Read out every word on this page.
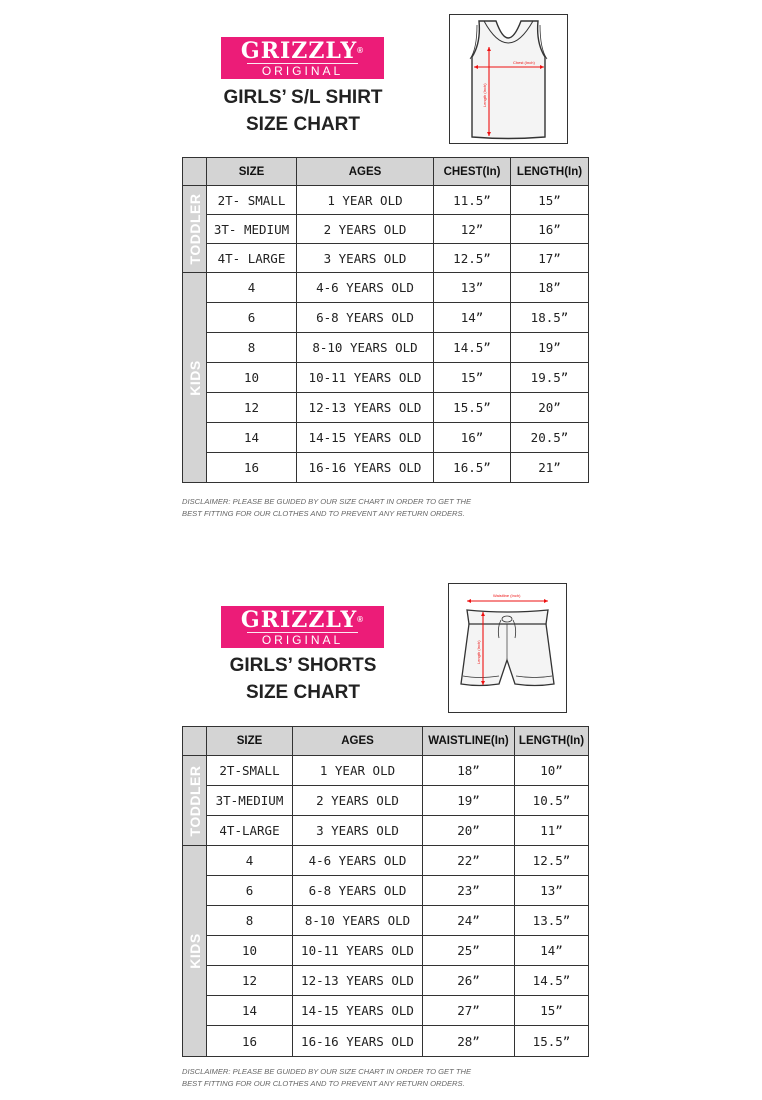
GRIZZLY®
ORIGINAL
GIRLS’ S/L SHIRT
SIZE CHART
Chest (Inch)
Length (Inch)
	SIZE	AGES	CHEST(In)	LENGTH(In)

TODDLER	2T- SMALL	1 YEAR OLD	11.5”	15”
	3T- MEDIUM	2 YEARS OLD	12”	16”
	4T- LARGE	3 YEARS OLD	12.5”	17”

KIDS	4	4-6 YEARS OLD	13”	18”
	6	6-8 YEARS OLD	14”	18.5”
	8	8-10 YEARS OLD	14.5”	19”
	10	10-11 YEARS OLD	15”	19.5”
	12	12-13 YEARS OLD	15.5”	20”
	14	14-15 YEARS OLD	16”	20.5”
	16	16-16 YEARS OLD	16.5”	21”
DISCLAIMER: PLEASE BE GUIDED BY OUR SIZE CHART IN ORDER TO GET THE
BEST FITTING FOR OUR CLOTHES AND TO PREVENT ANY RETURN ORDERS.
GRIZZLY®
ORIGINAL
GIRLS’ SHORTS
SIZE CHART
Waistline (Inch)
Length (Inch)
	SIZE	AGES	WAISTLINE(In)	LENGTH(In)

TODDLER	2T-SMALL	1 YEAR OLD	18”	10”
	3T-MEDIUM	2 YEARS OLD	19”	10.5”
	4T-LARGE	3 YEARS OLD	20”	11”

KIDS	4	4-6 YEARS OLD	22”	12.5”
	6	6-8 YEARS OLD	23”	13”
	8	8-10 YEARS OLD	24”	13.5”
	10	10-11 YEARS OLD	25”	14”
	12	12-13 YEARS OLD	26”	14.5”
	14	14-15 YEARS OLD	27”	15”
	16	16-16 YEARS OLD	28”	15.5”
DISCLAIMER: PLEASE BE GUIDED BY OUR SIZE CHART IN ORDER TO GET THE
BEST FITTING FOR OUR CLOTHES AND TO PREVENT ANY RETURN ORDERS.
